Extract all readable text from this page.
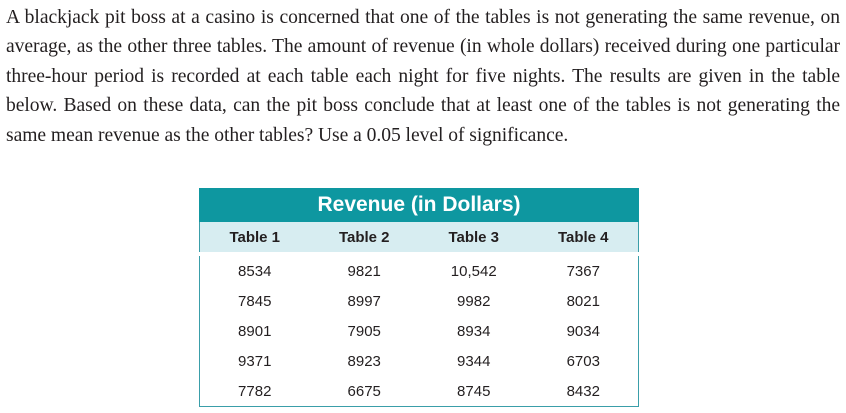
A blackjack pit boss at a casino is concerned that one of the tables is not generating the same revenue, on average, as the other three tables. The amount of revenue (in whole dollars) received during one particular three-hour period is recorded at each table each night for five nights. The results are given in the table below. Based on these data, can the pit boss conclude that at least one of the tables is not generating the same mean revenue as the other tables? Use a 0.05 level of significance.

Revenue (in Dollars)
Table 1	Table 2	Table 3	Table 4
8534	9821	10,542	7367
7845	8997	9982	8021
8901	7905	8934	9034
9371	8923	9344	6703
7782	6675	8745	8432
